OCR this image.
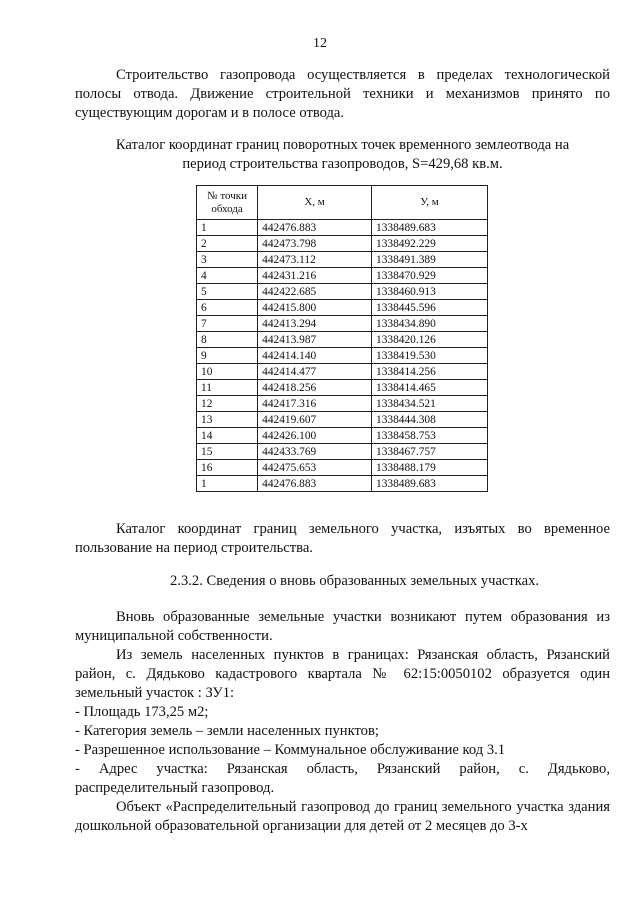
12

Строительство газопровода осуществляется в пределах технологической полосы отвода. Движение строительной техники и механизмов принято по существующим дорогам и в полосе отвода.

Каталог координат границ поворотных точек временного землеотвода на
период строительства газопроводов, S=429,68 кв.м.
№ точки обхода	Х, м	У, м
1	442476.883	1338489.683
2	442473.798	1338492.229
3	442473.112	1338491.389
4	442431.216	1338470.929
5	442422.685	1338460.913
6	442415.800	1338445.596
7	442413.294	1338434.890
8	442413.987	1338420.126
9	442414.140	1338419.530
10	442414.477	1338414.256
11	442418.256	1338414.465
12	442417.316	1338434.521
13	442419.607	1338444.308
14	442426.100	1338458.753
15	442433.769	1338467.757
16	442475.653	1338488.179
1	442476.883	1338489.683

Каталог координат границ земельного участка, изъятых во временное пользование на период строительства.

2.3.2. Сведения о вновь образованных земельных участках.

Вновь образованные земельные участки возникают путем образования из муниципальной собственности.

Из земель населенных пунктов в границах: Рязанская область, Рязанский район, с. Дядьково кадастрового квартала № 62:15:0050102 образуется один земельный участок : ЗУ1:

- Площадь 173,25 м2;

- Категория земель – земли населенных пунктов;

- Разрешенное использование – Коммунальное обслуживание код 3.1

- Адрес участка: Рязанская область, Рязанский район, с. Дядьково, распределительный газопровод.

Объект «Распределительный газопровод до границ земельного участка здания дошкольной образовательной организации для детей от 2 месяцев до 3-х
